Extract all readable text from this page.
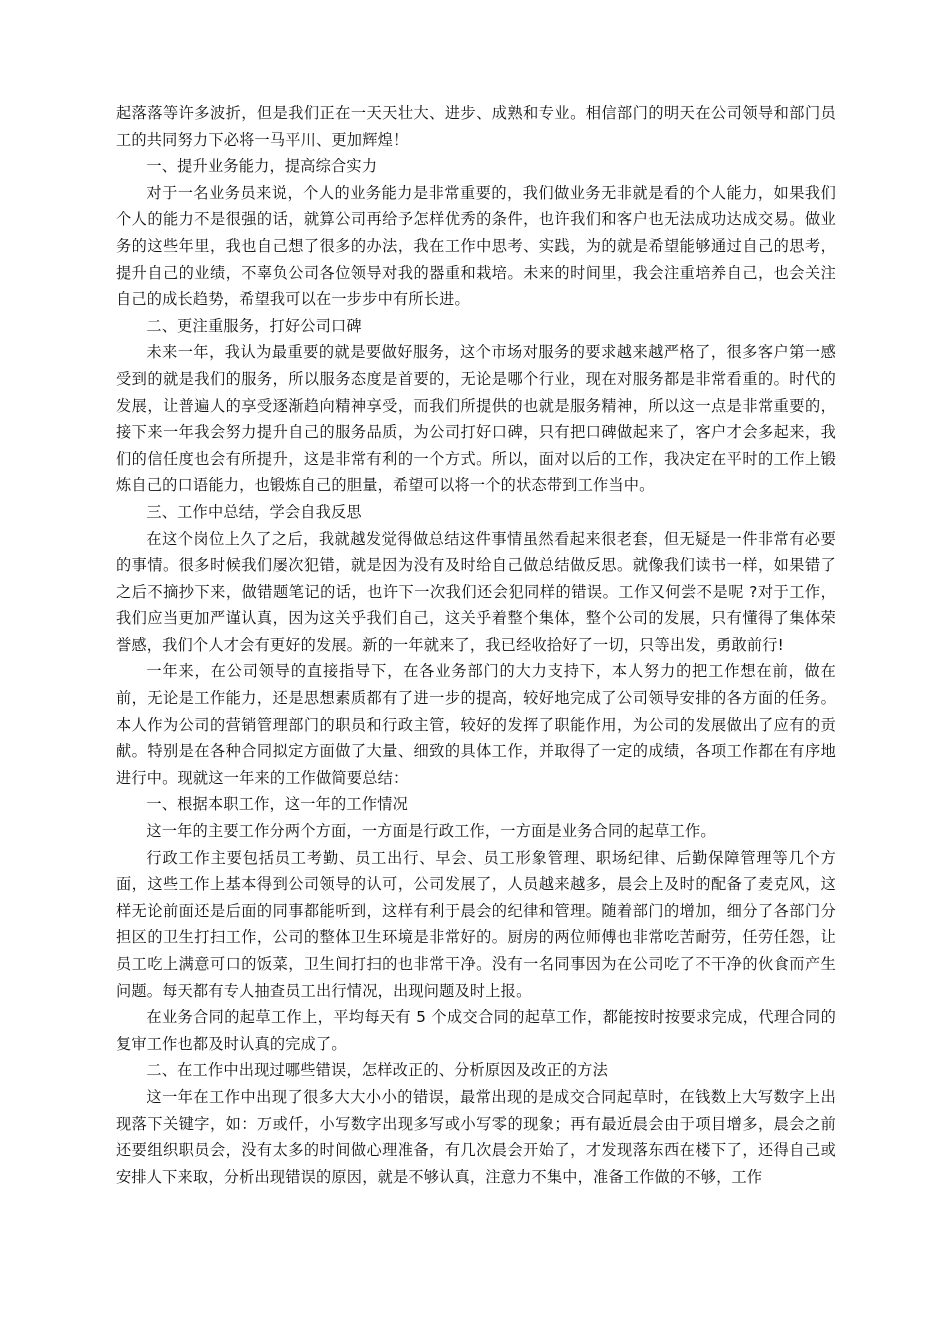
起落落等许多波折，但是我们正在一天天壮大、进步、成熟和专业。相信部门的明天在公司领导和部门员工的共同努力下必将一马平川、更加辉煌！

一、提升业务能力，提高综合实力

对于一名业务员来说，个人的业务能力是非常重要的，我们做业务无非就是看的个人能力，如果我们个人的能力不是很强的话，就算公司再给予怎样优秀的条件，也许我们和客户也无法成功达成交易。做业务的这些年里，我也自己想了很多的办法，我在工作中思考、实践，为的就是希望能够通过自己的思考，提升自己的业绩，不辜负公司各位领导对我的器重和栽培。未来的时间里，我会注重培养自己，也会关注自己的成长趋势，希望我可以在一步步中有所长进。

二、更注重服务，打好公司口碑

未来一年，我认为最重要的就是要做好服务，这个市场对服务的要求越来越严格了，很多客户第一感受到的就是我们的服务，所以服务态度是首要的，无论是哪个行业，现在对服务都是非常看重的。时代的发展，让普遍人的享受逐渐趋向精神享受，而我们所提供的也就是服务精神，所以这一点是非常重要的，接下来一年我会努力提升自己的服务品质，为公司打好口碑，只有把口碑做起来了，客户才会多起来，我们的信任度也会有所提升，这是非常有利的一个方式。所以，面对以后的工作，我决定在平时的工作上锻炼自己的口语能力，也锻炼自己的胆量，希望可以将一个的状态带到工作当中。

三、工作中总结，学会自我反思

在这个岗位上久了之后，我就越发觉得做总结这件事情虽然看起来很老套，但无疑是一件非常有必要的事情。很多时候我们屡次犯错，就是因为没有及时给自己做总结做反思。就像我们读书一样，如果错了之后不摘抄下来，做错题笔记的话，也许下一次我们还会犯同样的错误。工作又何尝不是呢 ?对于工作，我们应当更加严谨认真，因为这关乎我们自己，这关乎着整个集体，整个公司的发展，只有懂得了集体荣誉感，我们个人才会有更好的发展。新的一年就来了，我已经收拾好了一切，只等出发，勇敢前行!

一年来，在公司领导的直接指导下，在各业务部门的大力支持下，本人努力的把工作想在前，做在前，无论是工作能力，还是思想素质都有了进一步的提高，较好地完成了公司领导安排的各方面的任务。本人作为公司的营销管理部门的职员和行政主管，较好的发挥了职能作用，为公司的发展做出了应有的贡献。特别是在各种合同拟定方面做了大量、细致的具体工作，并取得了一定的成绩，各项工作都在有序地进行中。现就这一年来的工作做简要总结：

一、根据本职工作，这一年的工作情况

这一年的主要工作分两个方面，一方面是行政工作，一方面是业务合同的起草工作。

行政工作主要包括员工考勤、员工出行、早会、员工形象管理、职场纪律、后勤保障管理等几个方面，这些工作上基本得到公司领导的认可，公司发展了，人员越来越多，晨会上及时的配备了麦克风，这样无论前面还是后面的同事都能听到，这样有利于晨会的纪律和管理。随着部门的增加，细分了各部门分担区的卫生打扫工作，公司的整体卫生环境是非常好的。厨房的两位师傅也非常吃苦耐劳，任劳任怨，让员工吃上满意可口的饭菜，卫生间打扫的也非常干净。没有一名同事因为在公司吃了不干净的伙食而产生问题。每天都有专人抽查员工出行情况，出现问题及时上报。

在业务合同的起草工作上，平均每天有 5 个成交合同的起草工作，都能按时按要求完成，代理合同的复审工作也都及时认真的完成了。

二、在工作中出现过哪些错误，怎样改正的、分析原因及改正的方法

这一年在工作中出现了很多大大小小的错误，最常出现的是成交合同起草时，在钱数上大写数字上出现落下关键字，如：万或仟，小写数字出现多写或小写零的现象；再有最近晨会由于项目增多，晨会之前还要组织职员会，没有太多的时间做心理准备，有几次晨会开始了，才发现落东西在楼下了，还得自己或安排人下来取，分析出现错误的原因，就是不够认真，注意力不集中，准备工作做的不够，工作
